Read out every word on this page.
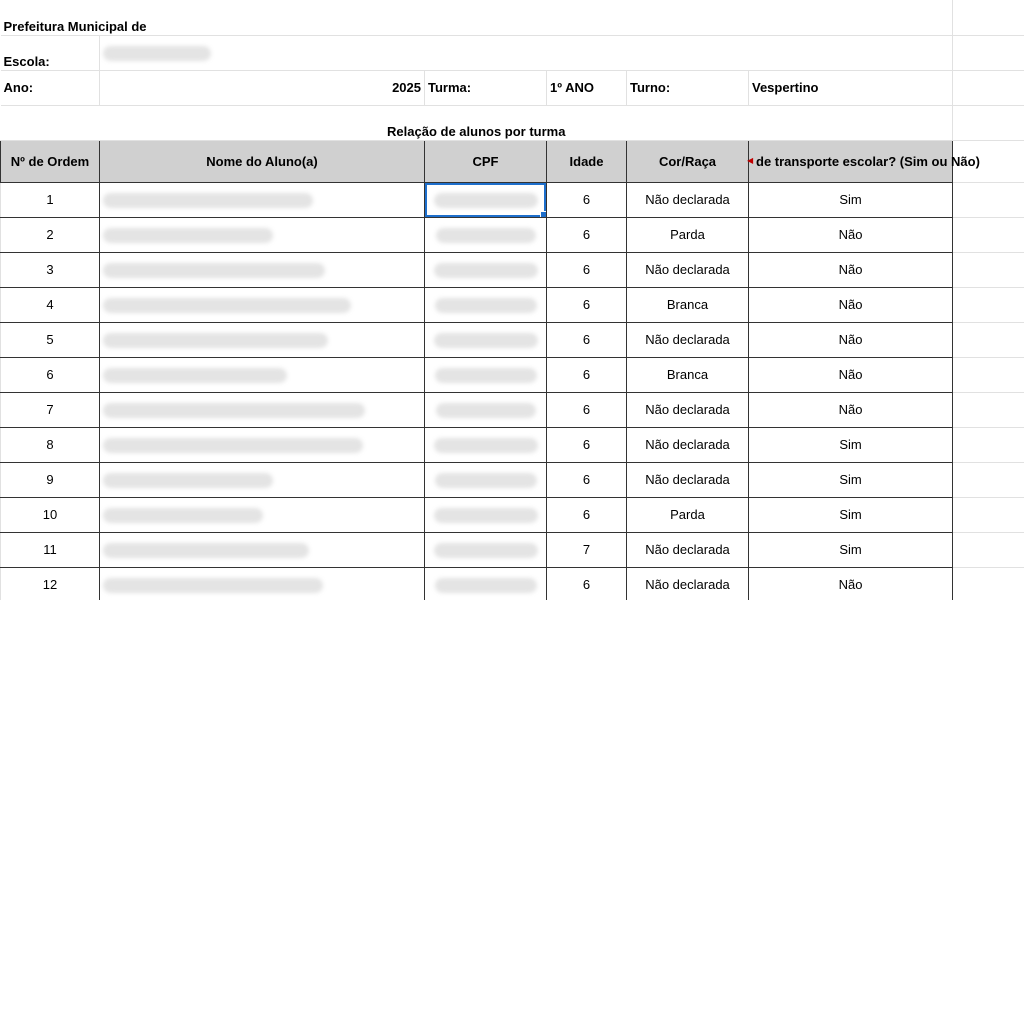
Prefeitura Municipal de						
Escola:						
Ano:	2025	Turma:	1º ANO	Turno:	Vespertino	
Relação de alunos por turma						
Nº de Ordem	Nome do Aluno(a)	CPF	Idade	Cor/Raça	◀ de transporte escolar? (Sim ou Não)	

1			6	Não declarada	Sim	
2			6	Parda	Não	
3			6	Não declarada	Não	
4			6	Branca	Não	
5			6	Não declarada	Não	
6			6	Branca	Não	
7			6	Não declarada	Não	
8			6	Não declarada	Sim	
9			6	Não declarada	Sim	
10			6	Parda	Sim	
11			7	Não declarada	Sim	
12			6	Não declarada	Não	
